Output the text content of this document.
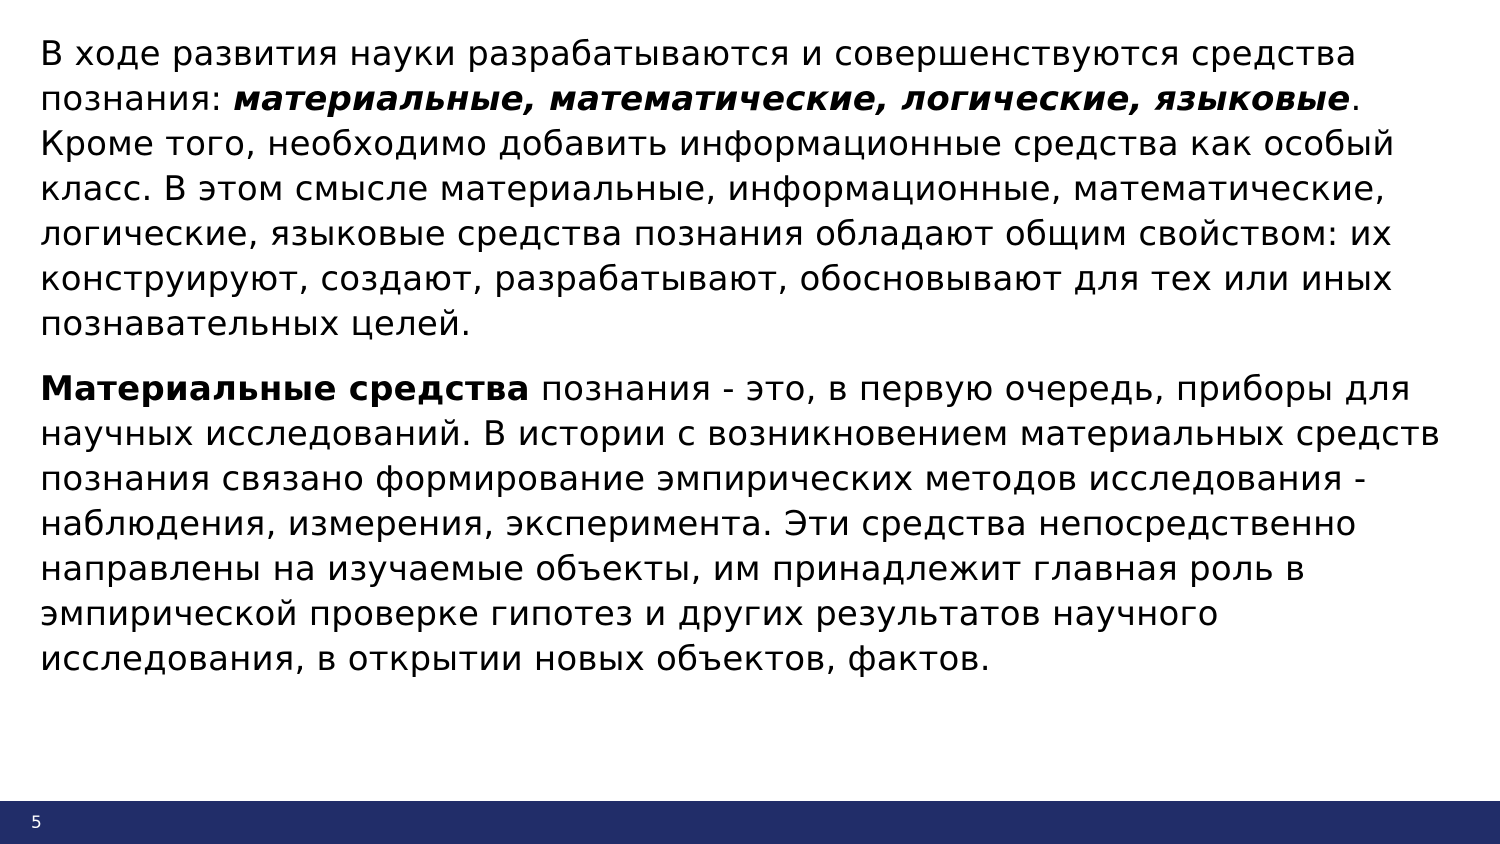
В ходе развития науки разрабатываются и совершенствуются средства познания: материальные, математические, логические, языковые. Кроме того, необходимо добавить информационные средства как особый класс. В этом смысле материальные, информационные, математические, логические, языковые средства познания обладают общим свойством: их конструируют, создают, разрабатывают, обосновывают для тех или иных познавательных целей.

Материальные средства познания - это, в первую очередь, приборы для научных исследований. В истории с возникновением материальных средств познания связано формирование эмпирических методов исследования - наблюдения, измерения, эксперимента. Эти средства непосредственно направлены на изучаемые объекты, им принадлежит главная роль в эмпирической проверке гипотез и других результатов научного исследования, в открытии новых объектов, фактов.

5
